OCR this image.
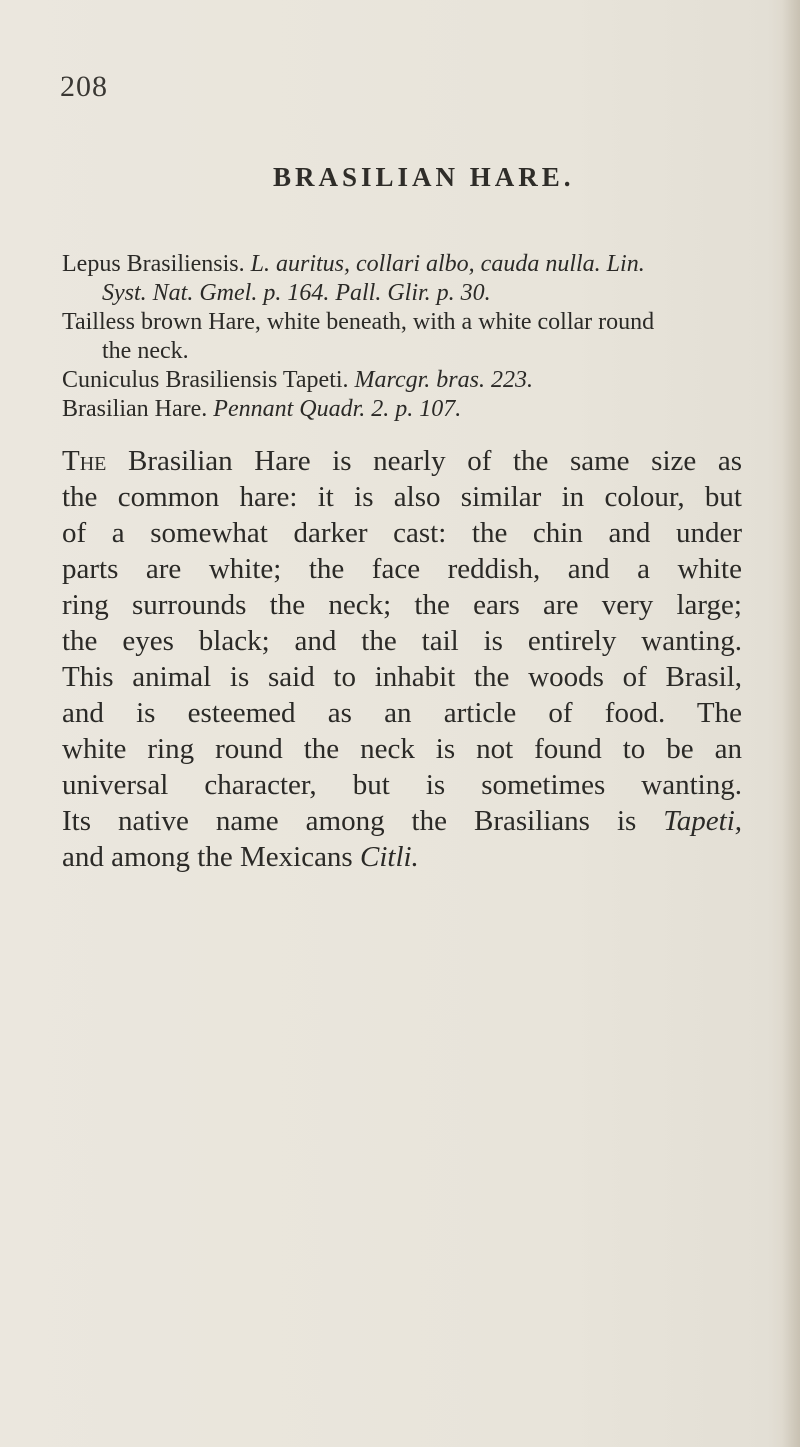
208
BRASILIAN HARE.
Lepus Brasiliensis. L. auritus, collari albo, cauda nulla. Lin.
Syst. Nat. Gmel. p. 164. Pall. Glir. p. 30.
Tailless brown Hare, white beneath, with a white collar round
the neck.
Cuniculus Brasiliensis Tapeti. Marcgr. bras. 223.
Brasilian Hare. Pennant Quadr. 2. p. 107.
The Brasilian Hare is nearly of the same size as
the common hare: it is also similar in colour, but
of a somewhat darker cast: the chin and under
parts are white; the face reddish, and a white
ring surrounds the neck; the ears are very large;
the eyes black; and the tail is entirely wanting.
This animal is said to inhabit the woods of Brasil,
and is esteemed as an article of food. The
white ring round the neck is not found to be an
universal character, but is sometimes wanting.
Its native name among the Brasilians is Tapeti,
and among the Mexicans Citli.
